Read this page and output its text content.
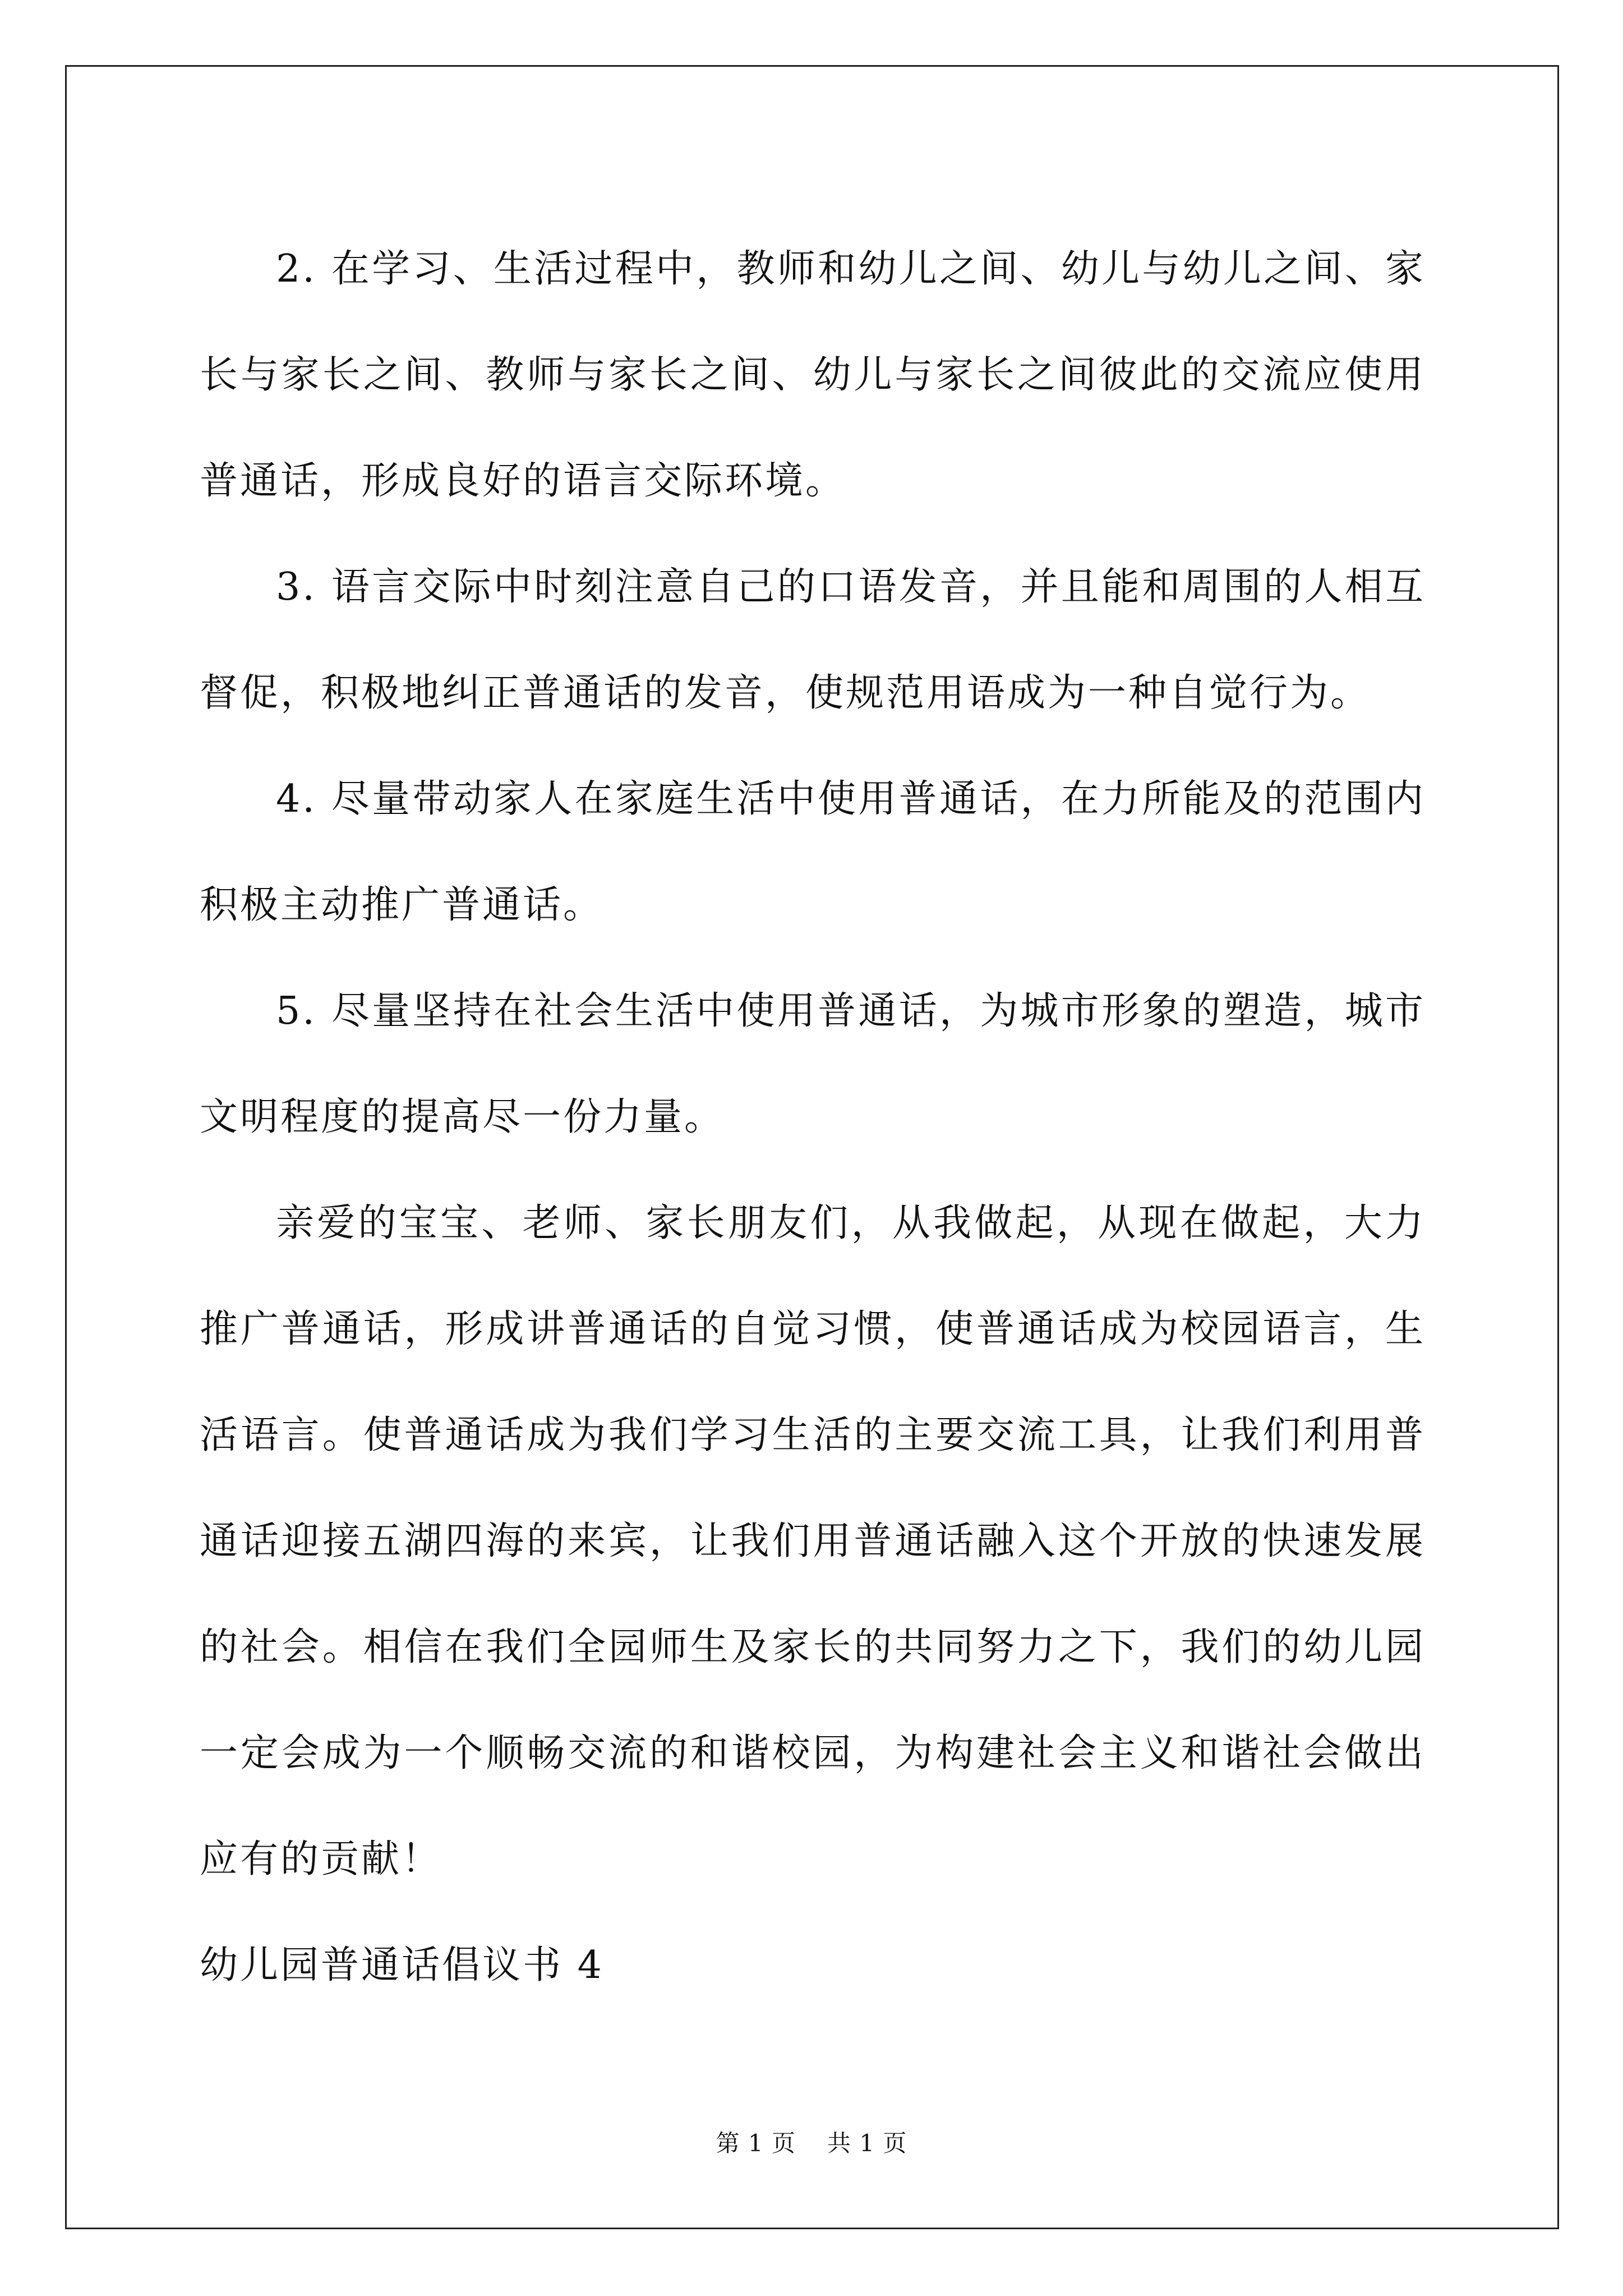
2. 在学习、生活过程中，教师和幼儿之间、幼儿与幼儿之间、家长与家长之间、教师与家长之间、幼儿与家长之间彼此的交流应使用普通话，形成良好的语言交际环境。

3. 语言交际中时刻注意自己的口语发音，并且能和周围的人相互督促，积极地纠正普通话的发音，使规范用语成为一种自觉行为。

4. 尽量带动家人在家庭生活中使用普通话，在力所能及的范围内积极主动推广普通话。

5. 尽量坚持在社会生活中使用普通话，为城市形象的塑造，城市文明程度的提高尽一份力量。

亲爱的宝宝、老师、家长朋友们，从我做起，从现在做起，大力推广普通话，形成讲普通话的自觉习惯，使普通话成为校园语言，生活语言。使普通话成为我们学习生活的主要交流工具，让我们利用普通话迎接五湖四海的来宾，让我们用普通话融入这个开放的快速发展的社会。相信在我们全园师生及家长的共同努力之下，我们的幼儿园一定会成为一个顺畅交流的和谐校园，为构建社会主义和谐社会做出应有的贡献！

幼儿园普通话倡议书 4

第 1 页 共 1 页
